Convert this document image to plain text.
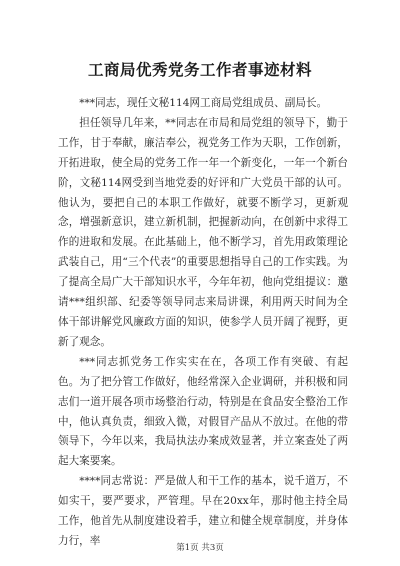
工商局优秀党务工作者事迹材料

***同志，现任文秘114网工商局党组成员、副局长。

担任领导几年来，**同志在市局和局党组的领导下，勤于工作，甘于奉献，廉洁奉公，视党务工作为天职，工作创新，开拓进取，使全局的党务工作一年一个新变化，一年一个新台阶，文秘114网受到当地党委的好评和广大党员干部的认可。他认为，要把自己的本职工作做好，就要不断学习，更新观念，增强新意识，建立新机制，把握新动向，在创新中求得工作的进取和发展。在此基础上，他不断学习，首先用政策理论武装自己，用“三个代表”的重要思想指导自己的工作实践。为了提高全局广大干部知识水平，今年年初，他向党组提议：邀请***组织部、纪委等领导同志来局讲课，利用两天时间为全体干部讲解党风廉政方面的知识，使参学人员开阔了视野，更新了观念。

***同志抓党务工作实实在在，各项工作有突破、有起色。为了把分管工作做好，他经常深入企业调研，并积极和同志们一道开展各项市场整治行动，特别是在食品安全整治工作中，他认真负责，细致入微，对假冒产品从不放过。在他的带领导下，今年以来，我局执法办案成效显著，并立案查处了两起大案要案。

****同志常说：严是做人和干工作的基本，说千道万，不如实干，要严要求，严管理。早在20xx年，那时他主持全局工作，他首先从制度建设着手，建立和健全规章制度，并身体力行，率

第1页 共3页
